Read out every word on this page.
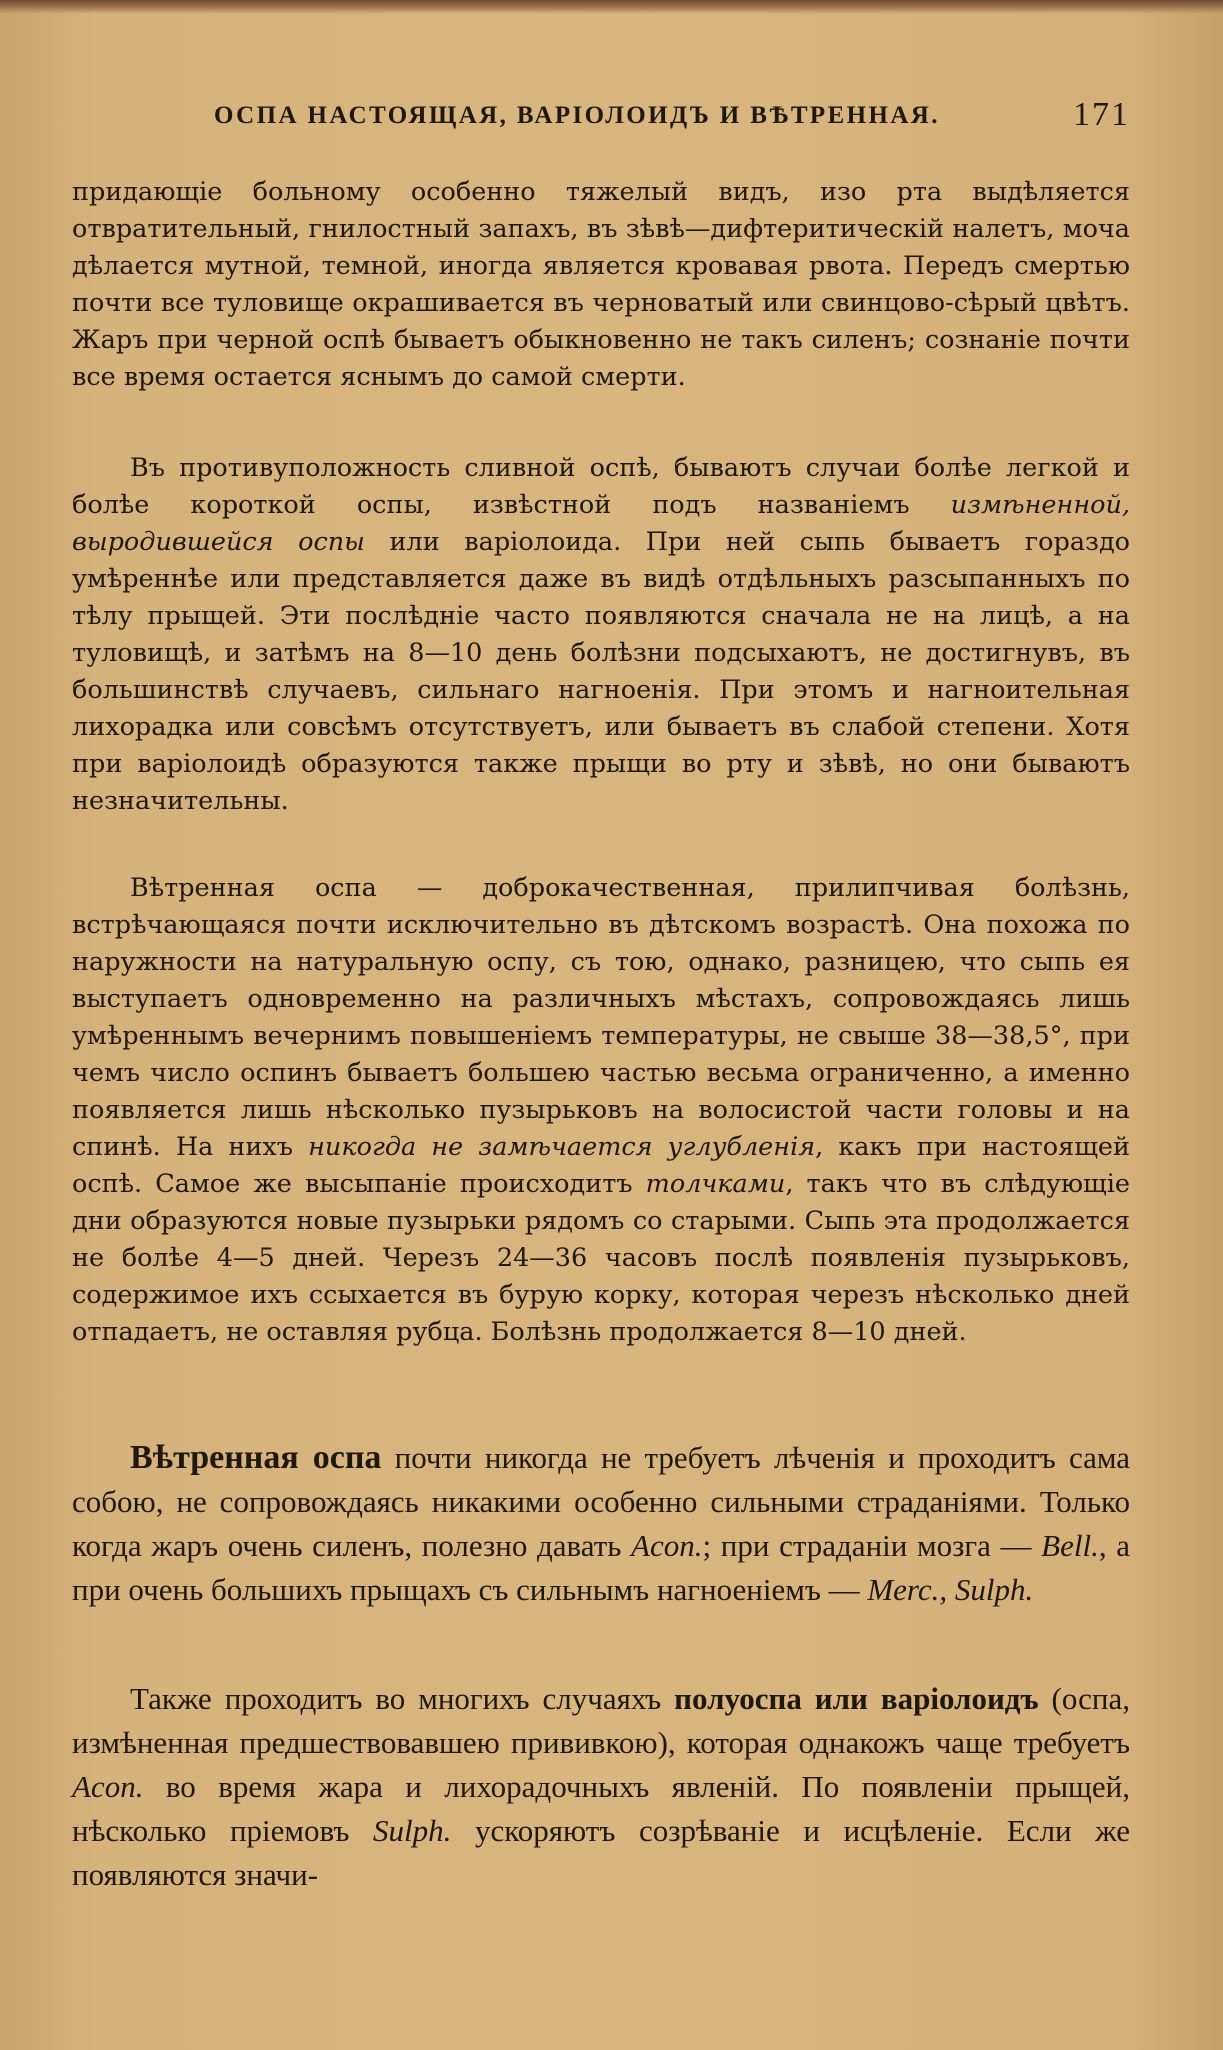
ОСПА НАСТОЯЩАЯ, ВАРІОЛОИДЪ И ВѢТРЕННАЯ.	171

придающіе больному особенно тяжелый видъ, изо рта выдѣляется отвратительный, гнилостный запахъ, въ зѣвѣ—дифтеритическій налетъ, моча дѣлается мутной, темной, иногда является кровавая рвота. Передъ смертью почти все туловище окрашивается въ черноватый или свинцово-сѣрый цвѣтъ. Жаръ при черной оспѣ бываетъ обыкновенно не такъ силенъ; сознаніе почти все время остается яснымъ до самой смерти.

Въ противуположность сливной оспѣ, бываютъ случаи болѣе легкой и болѣе короткой оспы, извѣстной подъ названіемъ измѣненной, выродившейся оспы или варіолоида. При ней сыпь бываетъ гораздо умѣреннѣе или представляется даже въ видѣ отдѣльныхъ разсыпанныхъ по тѣлу прыщей. Эти послѣдніе часто появляются сначала не на лицѣ, а на туловищѣ, и затѣмъ на 8—10 день болѣзни подсыхаютъ, не достигнувъ, въ большинствѣ случаевъ, сильнаго нагноенія. При этомъ и нагноительная лихорадка или совсѣмъ отсутствуетъ, или бываетъ въ слабой степени. Хотя при варіолоидѣ образуются также прыщи во рту и зѣвѣ, но они бываютъ незначительны.

Вѣтренная оспа — доброкачественная, прилипчивая болѣзнь, встрѣчающаяся почти исключительно въ дѣтскомъ возрастѣ. Она похожа по наружности на натуральную оспу, съ тою, однако, разницею, что сыпь ея выступаетъ одновременно на различныхъ мѣстахъ, сопровождаясь лишь умѣреннымъ вечернимъ повышеніемъ температуры, не свыше 38—38,5°, при чемъ число оспинъ бываетъ большею частью весьма ограниченно, а именно появляется лишь нѣсколько пузырьковъ на волосистой части головы и на спинѣ. На нихъ никогда не замѣчается углубленія, какъ при настоящей оспѣ. Самое же высыпаніе происходитъ толчками, такъ что въ слѣдующіе дни образуются новые пузырьки рядомъ со старыми. Сыпь эта продолжается не болѣе 4—5 дней. Черезъ 24—36 часовъ послѣ появленія пузырьковъ, содержимое ихъ ссыхается въ бурую корку, которая черезъ нѣсколько дней отпадаетъ, не оставляя рубца. Болѣзнь продолжается 8—10 дней.

Вѣтренная оспа почти никогда не требуетъ лѣченія и проходитъ сама собою, не сопровождаясь никакими особенно сильными страданіями. Только когда жаръ очень силенъ, полезно давать Acon.; при страданіи мозга — Bell., а при очень большихъ прыщахъ съ сильнымъ нагноеніемъ — Merc., Sulph.

Также проходитъ во многихъ случаяхъ полуоспа или варіолоидъ (оспа, измѣненная предшествовавшею прививкою), которая однакожъ чаще требуетъ Acon. во время жара и лихорадочныхъ явленій. По появленіи прыщей, нѣсколько пріемовъ Sulph. ускоряютъ созрѣваніе и исцѣленіе. Если же появляются значи-
